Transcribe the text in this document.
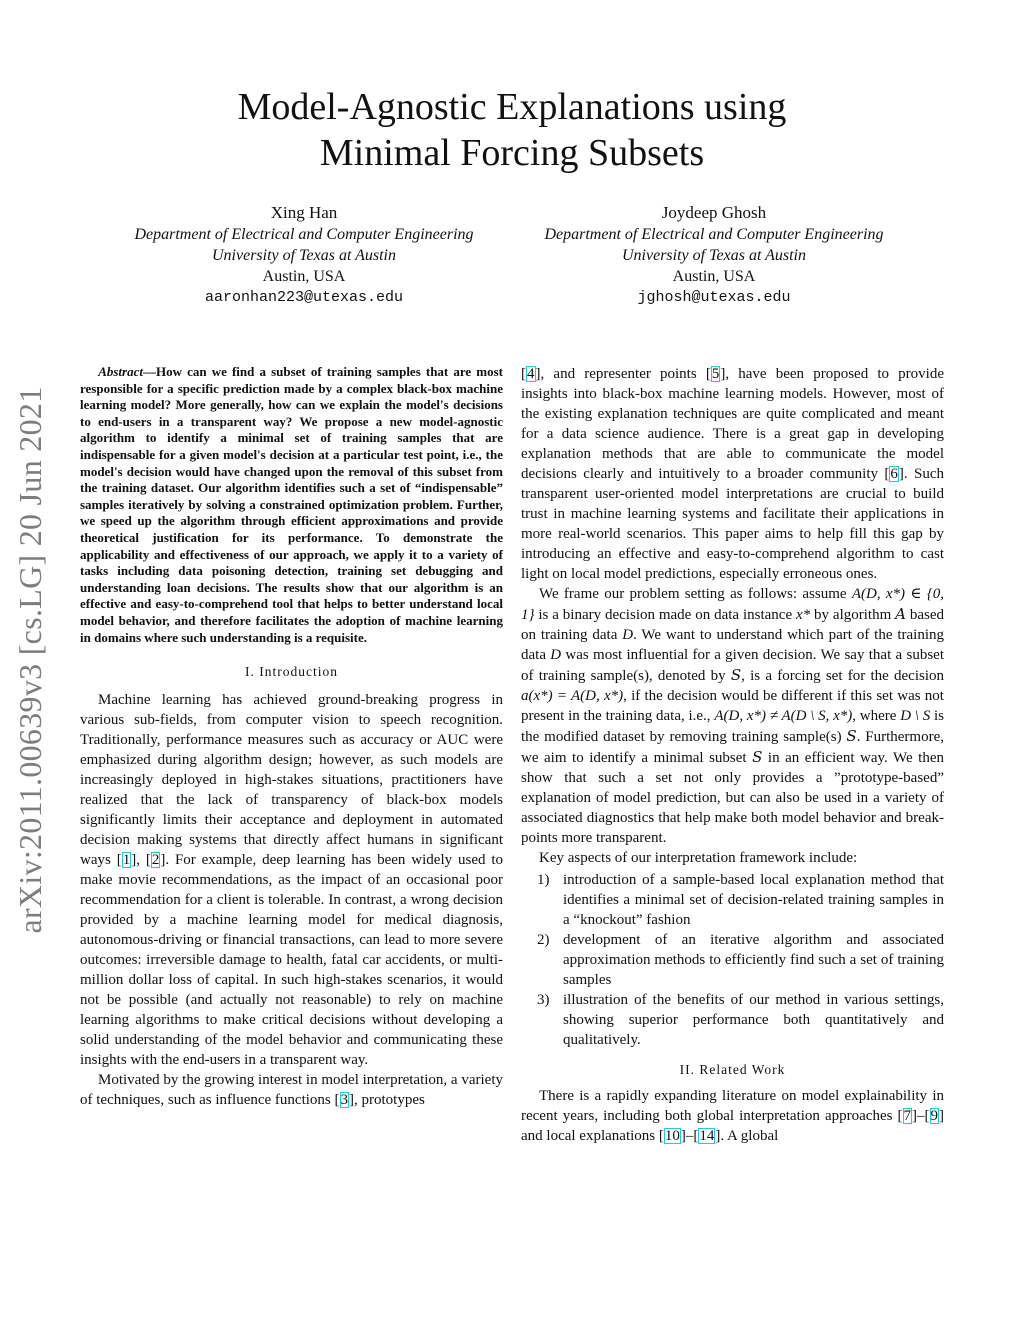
Model-Agnostic Explanations using
Minimal Forcing Subsets
Xing Han
Department of Electrical and Computer Engineering
University of Texas at Austin
Austin, USA
aaronhan223@utexas.edu
Joydeep Ghosh
Department of Electrical and Computer Engineering
University of Texas at Austin
Austin, USA
jghosh@utexas.edu
arXiv:2011.00639v3 [cs.LG] 20 Jun 2021

Abstract—How can we find a subset of training samples that are most responsible for a specific prediction made by a complex black-box machine learning model? More generally, how can we explain the model's decisions to end-users in a transparent way? We propose a new model-agnostic algorithm to identify a minimal set of training samples that are indispensable for a given model's decision at a particular test point, i.e., the model's decision would have changed upon the removal of this subset from the training dataset. Our algorithm identifies such a set of “indispensable” samples iteratively by solving a constrained optimization problem. Further, we speed up the algorithm through efficient approximations and provide theoretical justification for its performance. To demonstrate the applicability and effectiveness of our approach, we apply it to a variety of tasks including data poisoning detection, training set debugging and understanding loan decisions. The results show that our algorithm is an effective and easy-to-comprehend tool that helps to better understand local model behavior, and therefore facilitates the adoption of machine learning in domains where such understanding is a requisite.

I. Introduction

Machine learning has achieved ground-breaking progress in various sub-fields, from computer vision to speech recognition. Traditionally, performance measures such as accuracy or AUC were emphasized during algorithm design; however, as such models are increasingly deployed in high-stakes situations, practitioners have realized that the lack of transparency of black-box models significantly limits their acceptance and deployment in automated decision making systems that directly affect humans in significant ways [1], [2]. For example, deep learning has been widely used to make movie recommendations, as the impact of an occasional poor recommendation for a client is tolerable. In contrast, a wrong decision provided by a machine learning model for medical diagnosis, autonomous-driving or financial transactions, can lead to more severe outcomes: irreversible damage to health, fatal car accidents, or multi-million dollar loss of capital. In such high-stakes scenarios, it would not be possible (and actually not reasonable) to rely on machine learning algorithms to make critical decisions without developing a solid understanding of the model behavior and communicating these insights with the end-users in a transparent way.

Motivated by the growing interest in model interpretation, a variety of techniques, such as influence functions [3], prototypes

[4], and representer points [5], have been proposed to provide insights into black-box machine learning models. However, most of the existing explanation techniques are quite complicated and meant for a data science audience. There is a great gap in developing explanation methods that are able to communicate the model decisions clearly and intuitively to a broader community [6]. Such transparent user-oriented model interpretations are crucial to build trust in machine learning systems and facilitate their applications in more real-world scenarios. This paper aims to help fill this gap by introducing an effective and easy-to-comprehend algorithm to cast light on local model predictions, especially erroneous ones.

We frame our problem setting as follows: assume A(D, x*) ∈ {0, 1} is a binary decision made on data instance x* by algorithm A based on training data D. We want to understand which part of the training data D was most influential for a given decision. We say that a subset of training sample(s), denoted by S, is a forcing set for the decision a(x*) = A(D, x*), if the decision would be different if this set was not present in the training data, i.e., A(D, x*) ≠ A(D \ S, x*), where D \ S is the modified dataset by removing training sample(s) S. Furthermore, we aim to identify a minimal subset S in an efficient way. We then show that such a set not only provides a ”prototype-based” explanation of model prediction, but can also be used in a variety of associated diagnostics that help make both model behavior and break-points more transparent.

Key aspects of our interpretation framework include:

1) introduction of a sample-based local explanation method that identifies a minimal set of decision-related training samples in a “knockout” fashion
2) development of an iterative algorithm and associated approximation methods to efficiently find such a set of training samples
3) illustration of the benefits of our method in various settings, showing superior performance both quantitatively and qualitatively.
II. Related Work

There is a rapidly expanding literature on model explainability in recent years, including both global interpretation approaches [7]–[9] and local explanations [10]–[14]. A global
